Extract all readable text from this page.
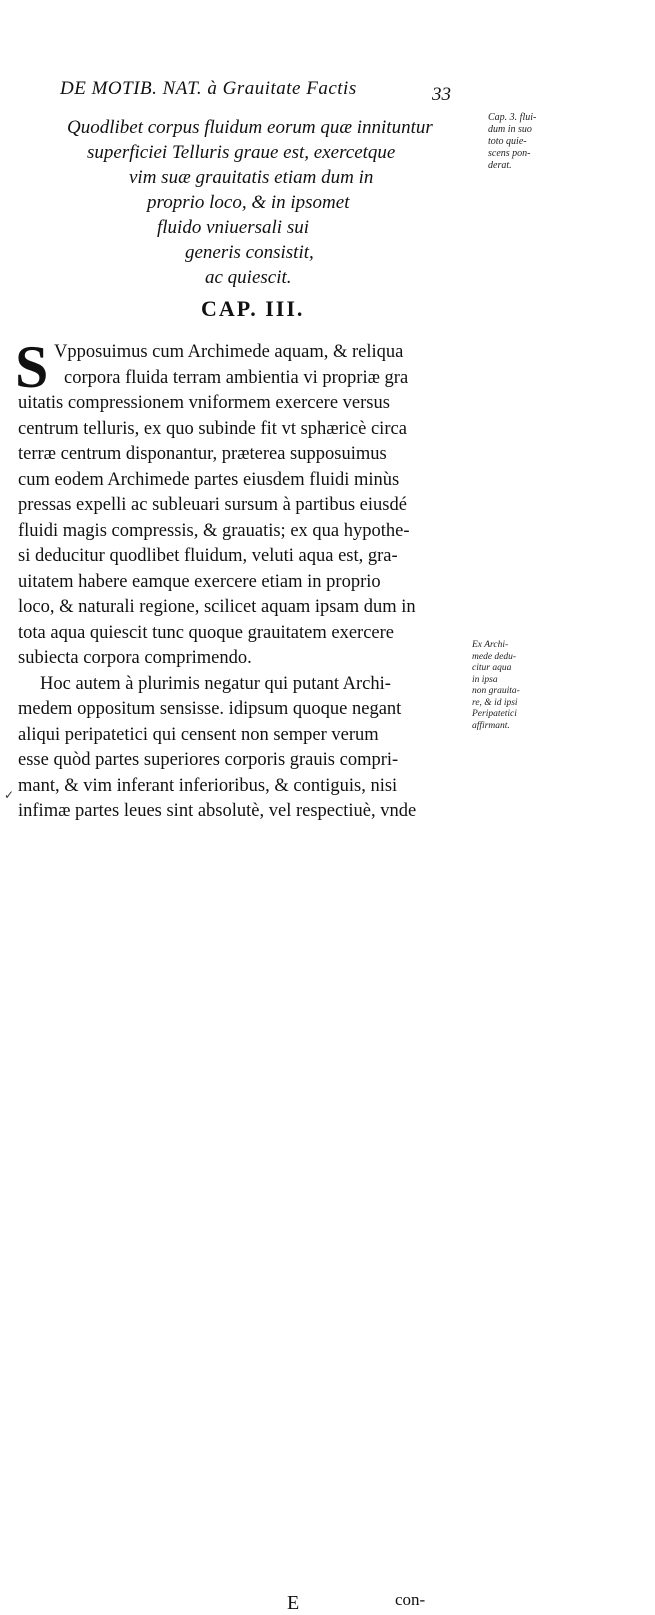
DE MOTIB. NAT. à Grauitate Factis	33
Quodlibet corpus fluidum eorum quæ innituntur
superficiei Telluris graue est, exercetque
vim suæ grauitatis etiam dum in
proprio loco, & in ipsomet
fluido vniuersali sui
generis consistit,
ac quiescit.
CAP. III.
S Vpposuimus cum Archimede aquam, & reliqua
corpora fluida terram ambientia vi propriæ gra
uitatis compressionem vniformem exercere versus
centrum telluris, ex quo subinde fit vt sphæricè circa
terræ centrum disponantur, præterea supposuimus
cum eodem Archimede partes eiusdem fluidi minùs
pressas expelli ac subleuari sursum à partibus eiusdé
fluidi magis compressis, & grauatis; ex qua hypothe-
si deducitur quodlibet fluidum, veluti aqua est, gra-
uitatem habere eamque exercere etiam in proprio
loco, & naturali regione, scilicet aquam ipsam dum in
tota aqua quiescit tunc quoque grauitatem exercere
subiecta corpora comprimendo.
Hoc autem à plurimis negatur qui putant Archi-
medem oppositum sensisse. idipsum quoque negant
aliqui peripatetici qui censent non semper verum
esse quòd partes superiores corporis grauis compri-
mant, & vim inferant inferioribus, & contiguis, nisi
infimæ partes leues sint absolutè, vel respectiuè, vnde
Cap. 3. flui-
dum in suo
toto quie-
scens pon-
derat.
Ex Archi-
mede dedu-
citur aqua
in ipsa
non grauita-
re, & id ipsi
Peripatetici
affirmant.
✓
E	con-
